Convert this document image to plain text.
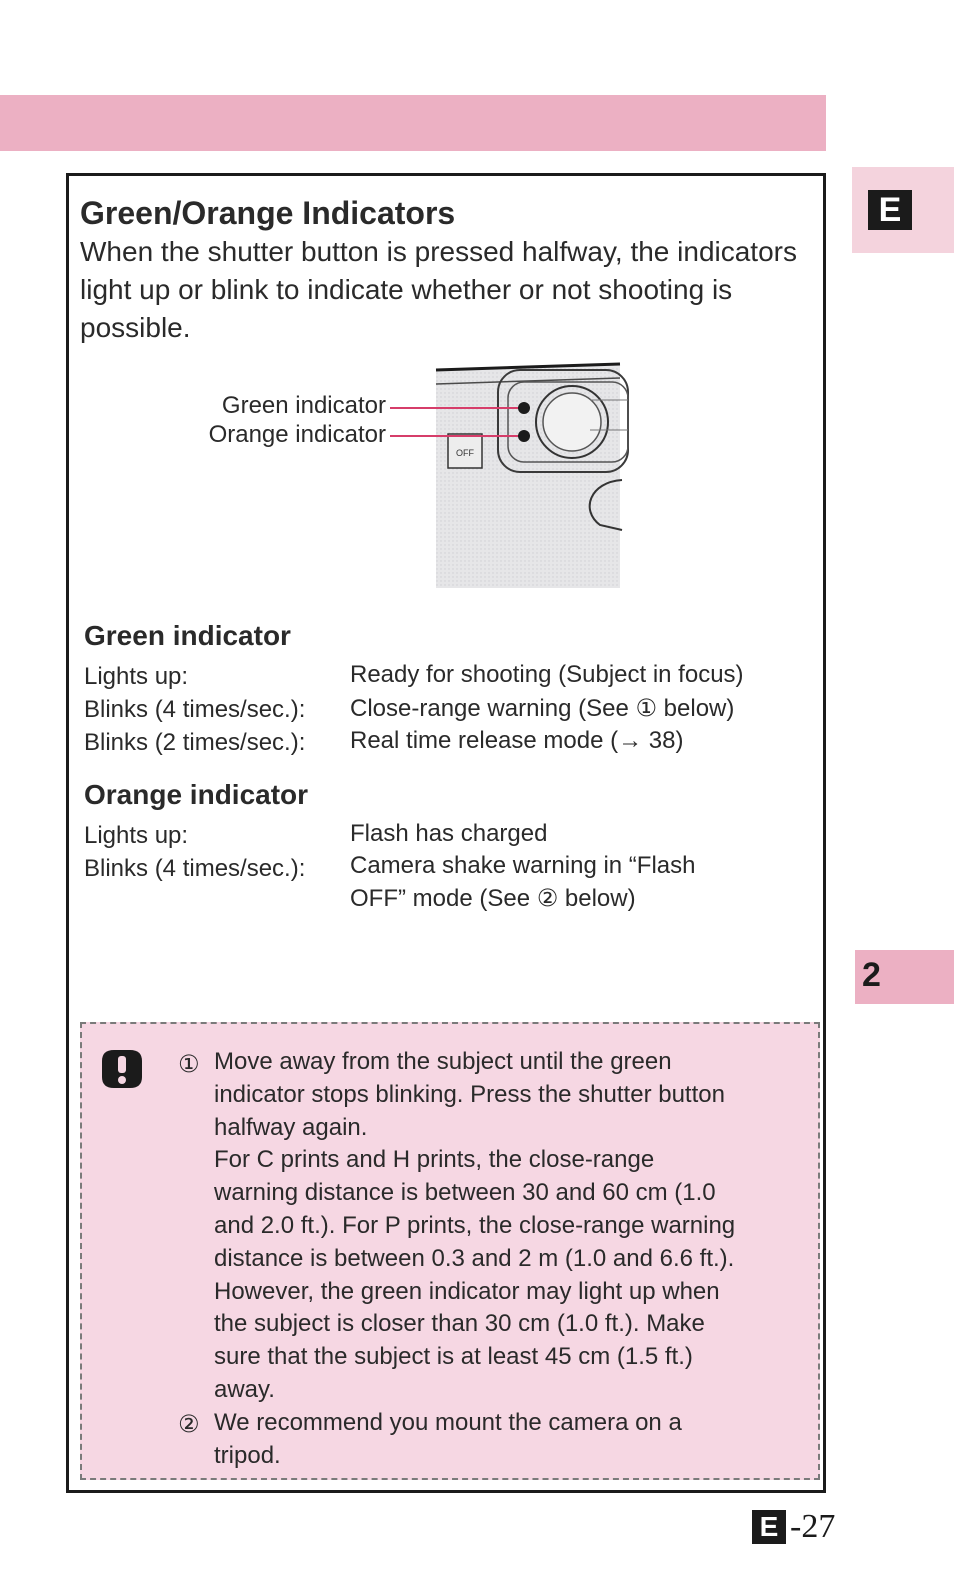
E
2
Green/Orange Indicators

When the shutter button is pressed halfway, the indicators light up or blink to indicate whether or not shooting is possible.

OFF
Green indicator
Orange indicator
Green indicator
Lights up:	Ready for shooting (Subject in focus)
Blinks (4 times/sec.): Close-range warning (See ① below)
Blinks (2 times/sec.): Real time release mode (→ 38)
Orange indicator
Lights up:	Flash has charged
Blinks (4 times/sec.): Camera shake warning in “Flash
OFF” mode (See ② below)
① Move away from the subject until the green
indicator stops blinking. Press the shutter button
halfway again.
For C prints and H prints, the close-range
warning distance is between 30 and 60 cm (1.0
and 2.0 ft.). For P prints, the close-range warning
distance is between 0.3 and 2 m (1.0 and 6.6 ft.).
However, the green indicator may light up when
the subject is closer than 30 cm (1.0 ft.). Make
sure that the subject is at least 45 cm (1.5 ft.)
away.

② We recommend you mount the camera on a
tripod.

E -27
